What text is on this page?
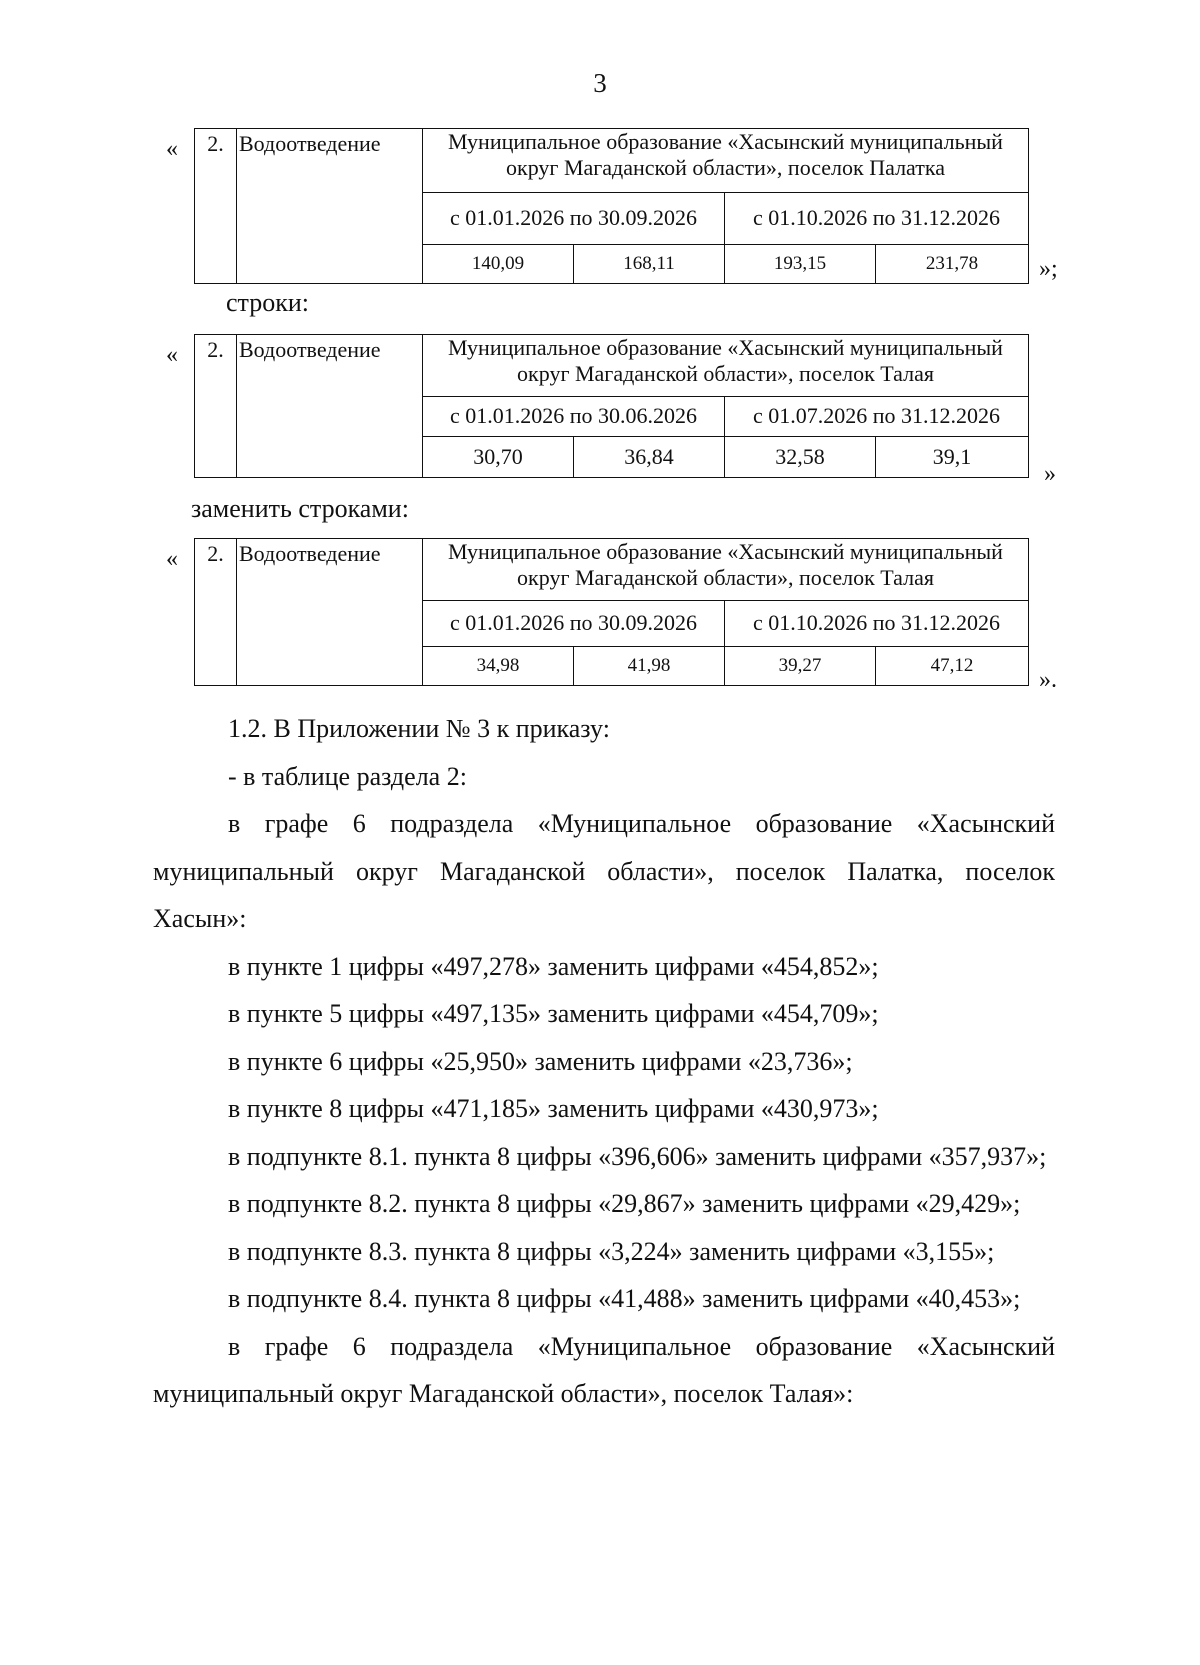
3
« 2.	Водоотведение	Муниципальное образование «Хасынский муниципальный округ Магаданской области», поселок Палатка			
		с 01.01.2026 по 30.09.2026		с 01.10.2026 по 31.12.2026	
		140,09	168,11	193,15	231,78	»;
строки:
« 2.	Водоотведение	Муниципальное образование «Хасынский муниципальный округ Магаданской области», поселок Талая			
		с 01.01.2026 по 30.06.2026		с 01.07.2026 по 31.12.2026	
		30,70	36,84	32,58	39,1
»
заменить строками:
« 2.	Водоотведение	Муниципальное образование «Хасынский муниципальный округ Магаданской области», поселок Талая			
		с 01.01.2026 по 30.09.2026		с 01.10.2026 по 31.12.2026	
		34,98	41,98	39,27	47,12
».

1.2. В Приложении № 3 к приказу:

- в таблице раздела 2:

в графе 6 подраздела «Муниципальное образование «Хасынский муниципальный округ Магаданской области», поселок Палатка, поселок Хасын»:

в пункте 1 цифры «497,278» заменить цифрами «454,852»;

в пункте 5 цифры «497,135» заменить цифрами «454,709»;

в пункте 6 цифры «25,950» заменить цифрами «23,736»;

в пункте 8 цифры «471,185» заменить цифрами «430,973»;

в подпункте 8.1. пункта 8 цифры «396,606» заменить цифрами «357,937»;

в подпункте 8.2. пункта 8 цифры «29,867» заменить цифрами «29,429»;

в подпункте 8.3. пункта 8 цифры «3,224» заменить цифрами «3,155»;

в подпункте 8.4. пункта 8 цифры «41,488» заменить цифрами «40,453»;

в графе 6 подраздела «Муниципальное образование «Хасынский муниципальный округ Магаданской области», поселок Талая»:
